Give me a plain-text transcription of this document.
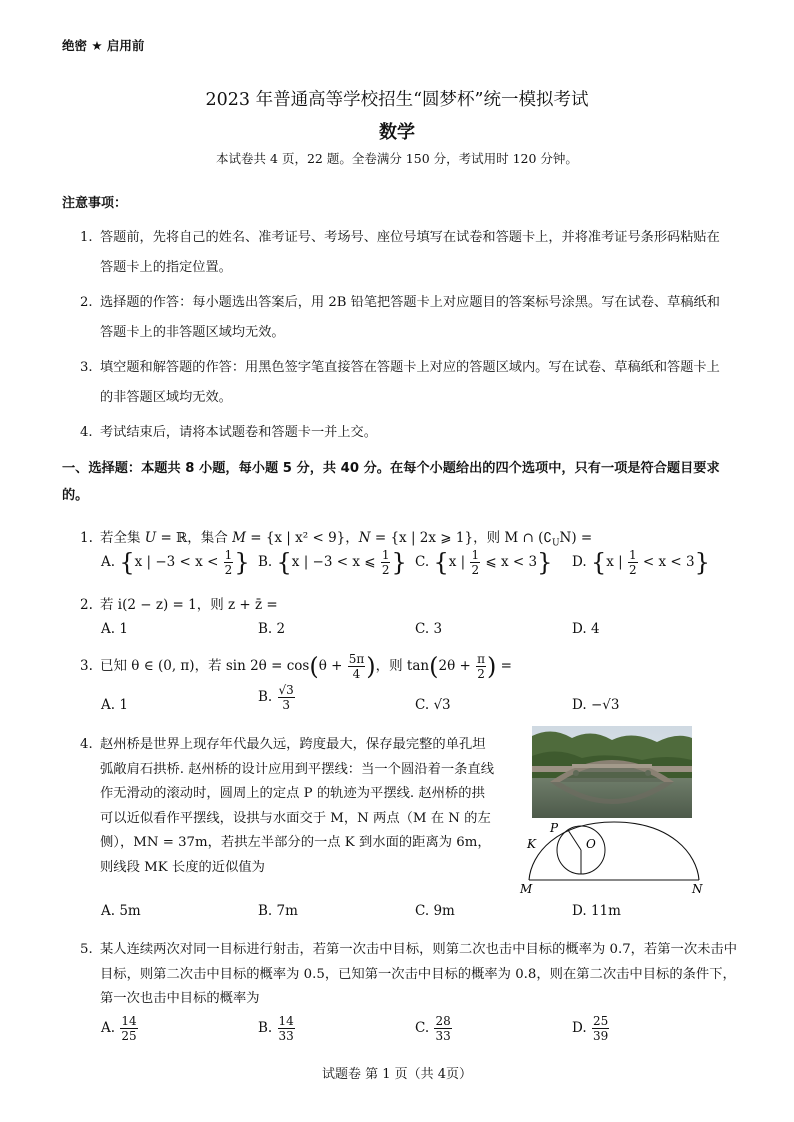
绝密 ★ 启用前
2023 年普通高等学校招生“圆梦杯”统一模拟考试
数学
本试卷共 4 页，22 题。全卷满分 150 分，考试用时 120 分钟。
注意事项：
1. 答题前，先将自己的姓名、准考证号、考场号、座位号填写在试卷和答题卡上，并将准考证号条形码粘贴在答题卡上的指定位置。
2. 选择题的作答：每小题选出答案后，用 2B 铅笔把答题卡上对应题目的答案标号涂黑。写在试卷、草稿纸和答题卡上的非答题区域均无效。
3. 填空题和解答题的作答：用黑色签字笔直接答在答题卡上对应的答题区域内。写在试卷、草稿纸和答题卡上的非答题区域均无效。
4. 考试结束后，请将本试题卷和答题卡一并上交。
一、选择题：本题共 8 小题，每小题 5 分，共 40 分。在每个小题给出的四个选项中，只有一项是符合题目要求的。
1. 若全集 U = ℝ，集合 M = {x | x² < 9}，N = {x | 2x ⩾ 1}，则 M ∩ $(∁_UN)$ =
A. {x | $-3 < x < \frac{1}{2}$ } B. {x | −3 < x ⩽ $\frac{1}{2}$ } C. {x | $\frac{1}{2}$ ⩽ x < 3} D. {x | $\frac{1}{2} < x < 3$}
2. 若 i(2 − z) = 1，则 z + z̄ =
A. 1	B. 2	C. 3	D. 4
3. 已知 θ ∈ (0, π)，若 $\sin 2\theta = \cos(\theta + \frac{5\pi}{4}$ )，则 $\tan(2\theta + \frac{\pi}{2}$ ) =
A. 1	B. $\frac{√3}{3}$	C. √3	D. −√3
4. 赵州桥是世界上现存年代最久远，跨度最大，保存最完整的单孔坦弧敞肩石拱桥. 赵州桥的设计应用到平摆线：当一个圆沿着一条直线作无滑动的滚动时，圆周上的定点 P 的轨迹为平摆线. 赵州桥的拱可以近似看作平摆线，设拱与水面交于 M，N 两点（M 在 N 的左侧），MN = 37m，若拱左半部分的一点 K 到水面的距离为 6m，则线段 MK 长度的近似值为
P
K	O
M	N
A. 5m	B. 7m	C. 9m	D. 11m
5. 某人连续两次对同一目标进行射击，若第一次击中目标，则第二次也击中目标的概率为 0.7，若第一次未击中目标，则第二次击中目标的概率为 0.5，已知第一次击中目标的概率为 0.8，则在第二次击中目标的条件下，第一次也击中目标的概率为
A. $\frac{14}{25}$	B. $\frac{14}{33}$	C. $\frac{28}{33}$	D. $\frac{25}{39}$
试题卷 第 1 页（共 4页）
